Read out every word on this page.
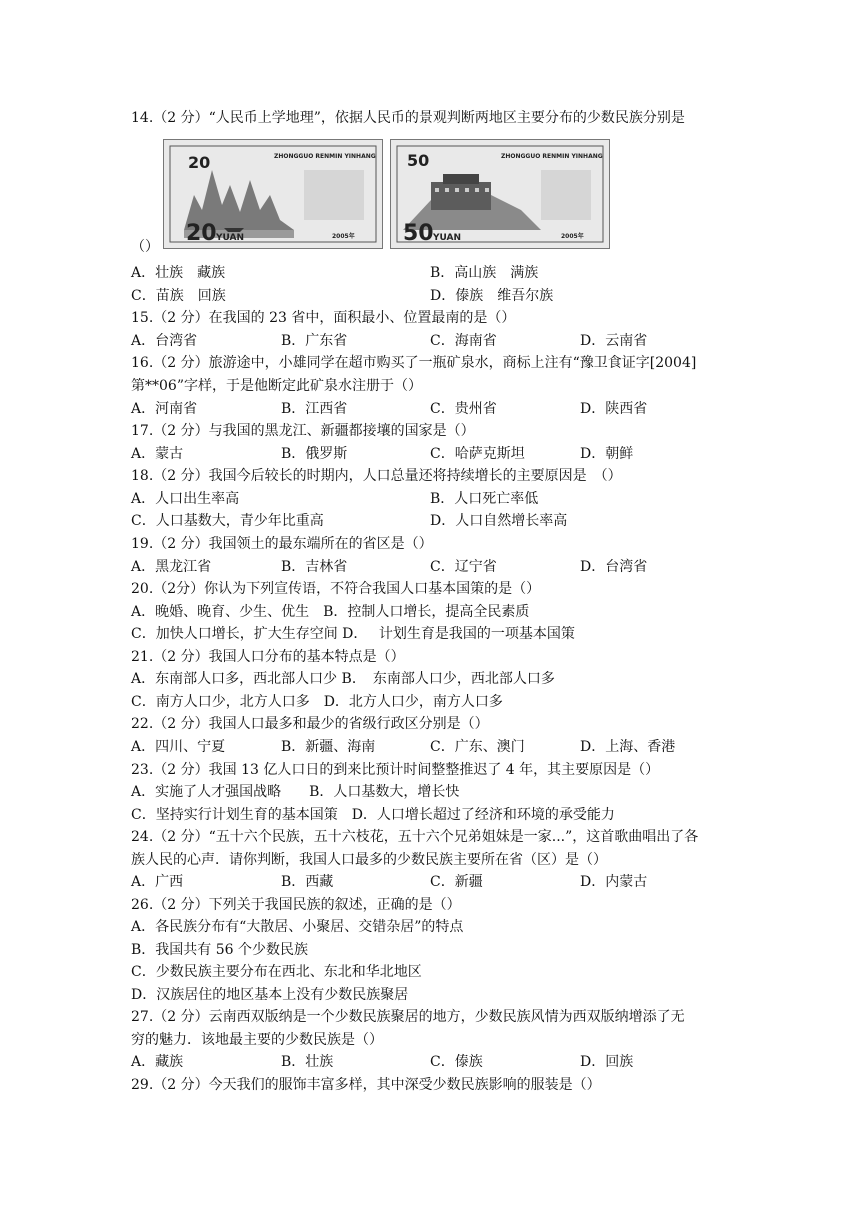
14.（2 分）“人民币上学地理”，依据人民币的景观判断两地区主要分布的少数民族分别是
20
20 YUAN
ZHONGGUO RENMIN YINHANG
2005年
50
50 YUAN
ZHONGGUO RENMIN YINHANG
2005年
（）
A．壮族　藏族	B．高山族　满族
C．苗族　回族	D．傣族　维吾尔族
15.（2 分）在我国的 23 省中，面积最小、位置最南的是（）
A．台湾省	B．广东省	C．海南省	D．云南省
16.（2 分）旅游途中，小雄同学在超市购买了一瓶矿泉水，商标上注有“豫卫食证字[2004]
第**06”字样，于是他断定此矿泉水注册于（）
A．河南省	B．江西省	C．贵州省	D．陕西省
17.（2 分）与我国的黑龙江、新疆都接壤的国家是（）
A．蒙古	B．俄罗斯	C．哈萨克斯坦	D．朝鲜
18.（2 分）我国今后较长的时期内，人口总量还将持续增长的主要原因是　（）
A．人口出生率高	B．人口死亡率低
C．人口基数大，青少年比重高	D．人口自然增长率高
19.（2 分）我国领土的最东端所在的省区是（）
A．黑龙江省	B．吉林省	C．辽宁省	D．台湾省
20.（2分）你认为下列宣传语，不符合我国人口基本国策的是（）
A．晚婚、晚育、少生、优生　B．控制人口增长，提高全民素质
C．加快人口增长，扩大生存空间 D．　 计划生育是我国的一项基本国策
21.（2 分）我国人口分布的基本特点是（）
A．东南部人口多，西北部人口少 B．　东南部人口少，西北部人口多
C．南方人口少，北方人口多　D．北方人口少，南方人口多
22.（2 分）我国人口最多和最少的省级行政区分别是（）
A．四川、宁夏	B．新疆、海南	C．广东、澳门	D．上海、香港
23.（2 分）我国 13 亿人口日的到来比预计时间整整推迟了 4 年，其主要原因是（）
A．实施了人才强国战略　　B．人口基数大，增长快
C．坚持实行计划生育的基本国策　D．人口增长超过了经济和环境的承受能力
24.（2 分）“五十六个民族，五十六枝花，五十六个兄弟姐妹是一家...”，这首歌曲唱出了各
族人民的心声．请你判断，我国人口最多的少数民族主要所在省（区）是（）
A．广西	B．西藏	C．新疆	D．内蒙古
26.（2 分）下列关于我国民族的叙述，正确的是（）
A．各民族分布有“大散居、小聚居、交错杂居”的特点
B．我国共有 56 个少数民族
C．少数民族主要分布在西北、东北和华北地区
D．汉族居住的地区基本上没有少数民族聚居
27.（2 分）云南西双版纳是一个少数民族聚居的地方，少数民族风情为西双版纳增添了无
穷的魅力．该地最主要的少数民族是（）
A．藏族	B．壮族	C．傣族	D．回族
29.（2 分）今天我们的服饰丰富多样，其中深受少数民族影响的服装是（）
